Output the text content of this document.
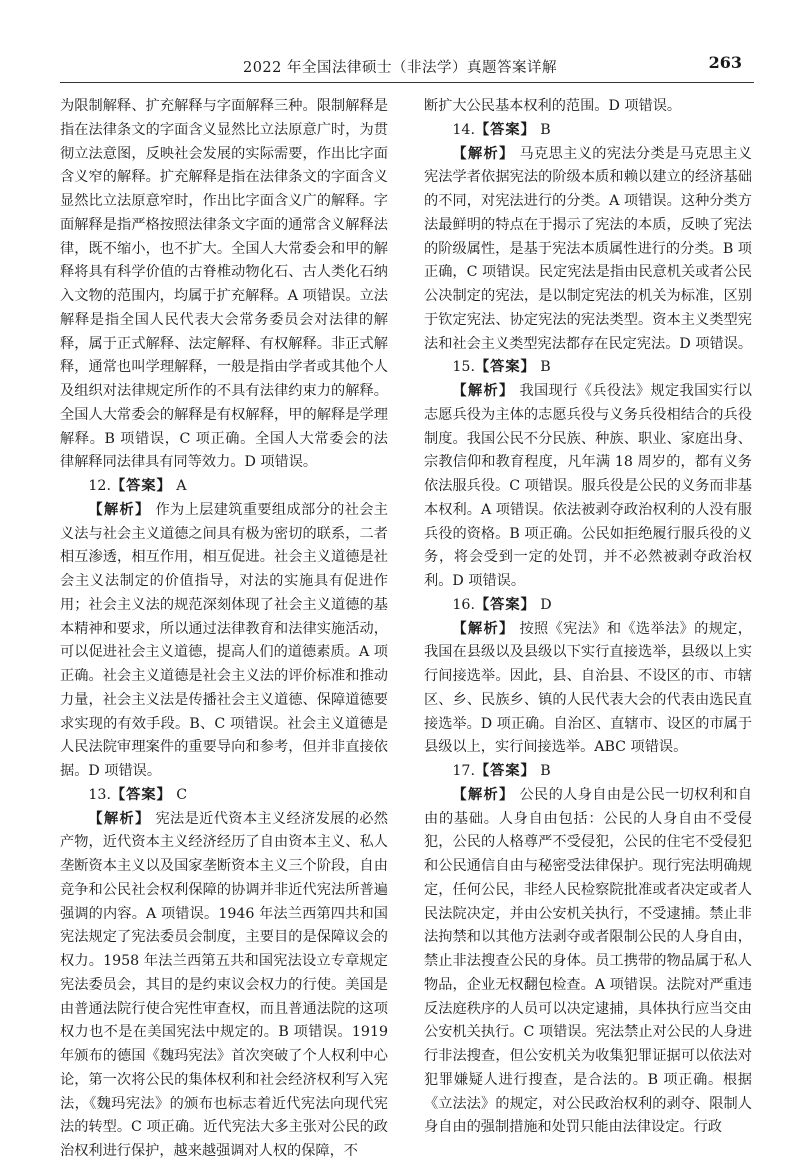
2022 年全国法律硕士（非法学）真题答案详解	263

为限制解释、扩充解释与字面解释三种。限制解释是指在法律条文的字面含义显然比立法原意广时，为贯彻立法意图，反映社会发展的实际需要，作出比字面含义窄的解释。扩充解释是指在法律条文的字面含义显然比立法原意窄时，作出比字面含义广的解释。字面解释是指严格按照法律条文字面的通常含义解释法律，既不缩小，也不扩大。全国人大常委会和甲的解释将具有科学价值的古脊椎动物化石、古人类化石纳入文物的范围内，均属于扩充解释。A 项错误。立法解释是指全国人民代表大会常务委员会对法律的解释，属于正式解释、法定解释、有权解释。非正式解释，通常也叫学理解释，一般是指由学者或其他个人及组织对法律规定所作的不具有法律约束力的解释。全国人大常委会的解释是有权解释，甲的解释是学理解释。B 项错误，C 项正确。全国人大常委会的法律解释同法律具有同等效力。D 项错误。

12.【答案】 A

【解析】 作为上层建筑重要组成部分的社会主义法与社会主义道德之间具有极为密切的联系，二者相互渗透，相互作用，相互促进。社会主义道德是社会主义法制定的价值指导，对法的实施具有促进作用；社会主义法的规范深刻体现了社会主义道德的基本精神和要求，所以通过法律教育和法律实施活动，可以促进社会主义道德，提高人们的道德素质。A 项正确。社会主义道德是社会主义法的评价标准和推动力量，社会主义法是传播社会主义道德、保障道德要求实现的有效手段。B、C 项错误。社会主义道德是人民法院审理案件的重要导向和参考，但并非直接依据。D 项错误。

13.【答案】 C

【解析】 宪法是近代资本主义经济发展的必然产物，近代资本主义经济经历了自由资本主义、私人垄断资本主义以及国家垄断资本主义三个阶段，自由竞争和公民社会权利保障的协调并非近代宪法所普遍强调的内容。A 项错误。1946 年法兰西第四共和国宪法规定了宪法委员会制度，主要目的是保障议会的权力。1958 年法兰西第五共和国宪法设立专章规定宪法委员会，其目的是约束议会权力的行使。美国是由普通法院行使合宪性审查权，而且普通法院的这项权力也不是在美国宪法中规定的。B 项错误。1919 年颁布的德国《魏玛宪法》首次突破了个人权利中心论，第一次将公民的集体权利和社会经济权利写入宪法，《魏玛宪法》的颁布也标志着近代宪法向现代宪法的转型。C 项正确。近代宪法大多主张对公民的政治权利进行保护，越来越强调对人权的保障，不

断扩大公民基本权利的范围。D 项错误。

14.【答案】 B

【解析】 马克思主义的宪法分类是马克思主义宪法学者依据宪法的阶级本质和赖以建立的经济基础的不同，对宪法进行的分类。A 项错误。这种分类方法最鲜明的特点在于揭示了宪法的本质，反映了宪法的阶级属性，是基于宪法本质属性进行的分类。B 项正确，C 项错误。民定宪法是指由民意机关或者公民公决制定的宪法，是以制定宪法的机关为标准，区别于钦定宪法、协定宪法的宪法类型。资本主义类型宪法和社会主义类型宪法都存在民定宪法。D 项错误。

15.【答案】 B

【解析】 我国现行《兵役法》规定我国实行以志愿兵役为主体的志愿兵役与义务兵役相结合的兵役制度。我国公民不分民族、种族、职业、家庭出身、宗教信仰和教育程度，凡年满 18 周岁的，都有义务依法服兵役。C 项错误。服兵役是公民的义务而非基本权利。A 项错误。依法被剥夺政治权利的人没有服兵役的资格。B 项正确。公民如拒绝履行服兵役的义务，将会受到一定的处罚，并不必然被剥夺政治权利。D 项错误。

16.【答案】 D

【解析】 按照《宪法》和《选举法》的规定，我国在县级以及县级以下实行直接选举，县级以上实行间接选举。因此，县、自治县、不设区的市、市辖区、乡、民族乡、镇的人民代表大会的代表由选民直接选举。D 项正确。自治区、直辖市、设区的市属于县级以上，实行间接选举。ABC 项错误。

17.【答案】 B

【解析】 公民的人身自由是公民一切权利和自由的基础。人身自由包括：公民的人身自由不受侵犯，公民的人格尊严不受侵犯，公民的住宅不受侵犯和公民通信自由与秘密受法律保护。现行宪法明确规定，任何公民，非经人民检察院批准或者决定或者人民法院决定，并由公安机关执行，不受逮捕。禁止非法拘禁和以其他方法剥夺或者限制公民的人身自由，禁止非法搜查公民的身体。员工携带的物品属于私人物品，企业无权翻包检查。A 项错误。法院对严重违反法庭秩序的人员可以决定逮捕，具体执行应当交由公安机关执行。C 项错误。宪法禁止对公民的人身进行非法搜查，但公安机关为收集犯罪证据可以依法对犯罪嫌疑人进行搜查，是合法的。B 项正确。根据《立法法》的规定，对公民政治权利的剥夺、限制人身自由的强制措施和处罚只能由法律设定。行政
